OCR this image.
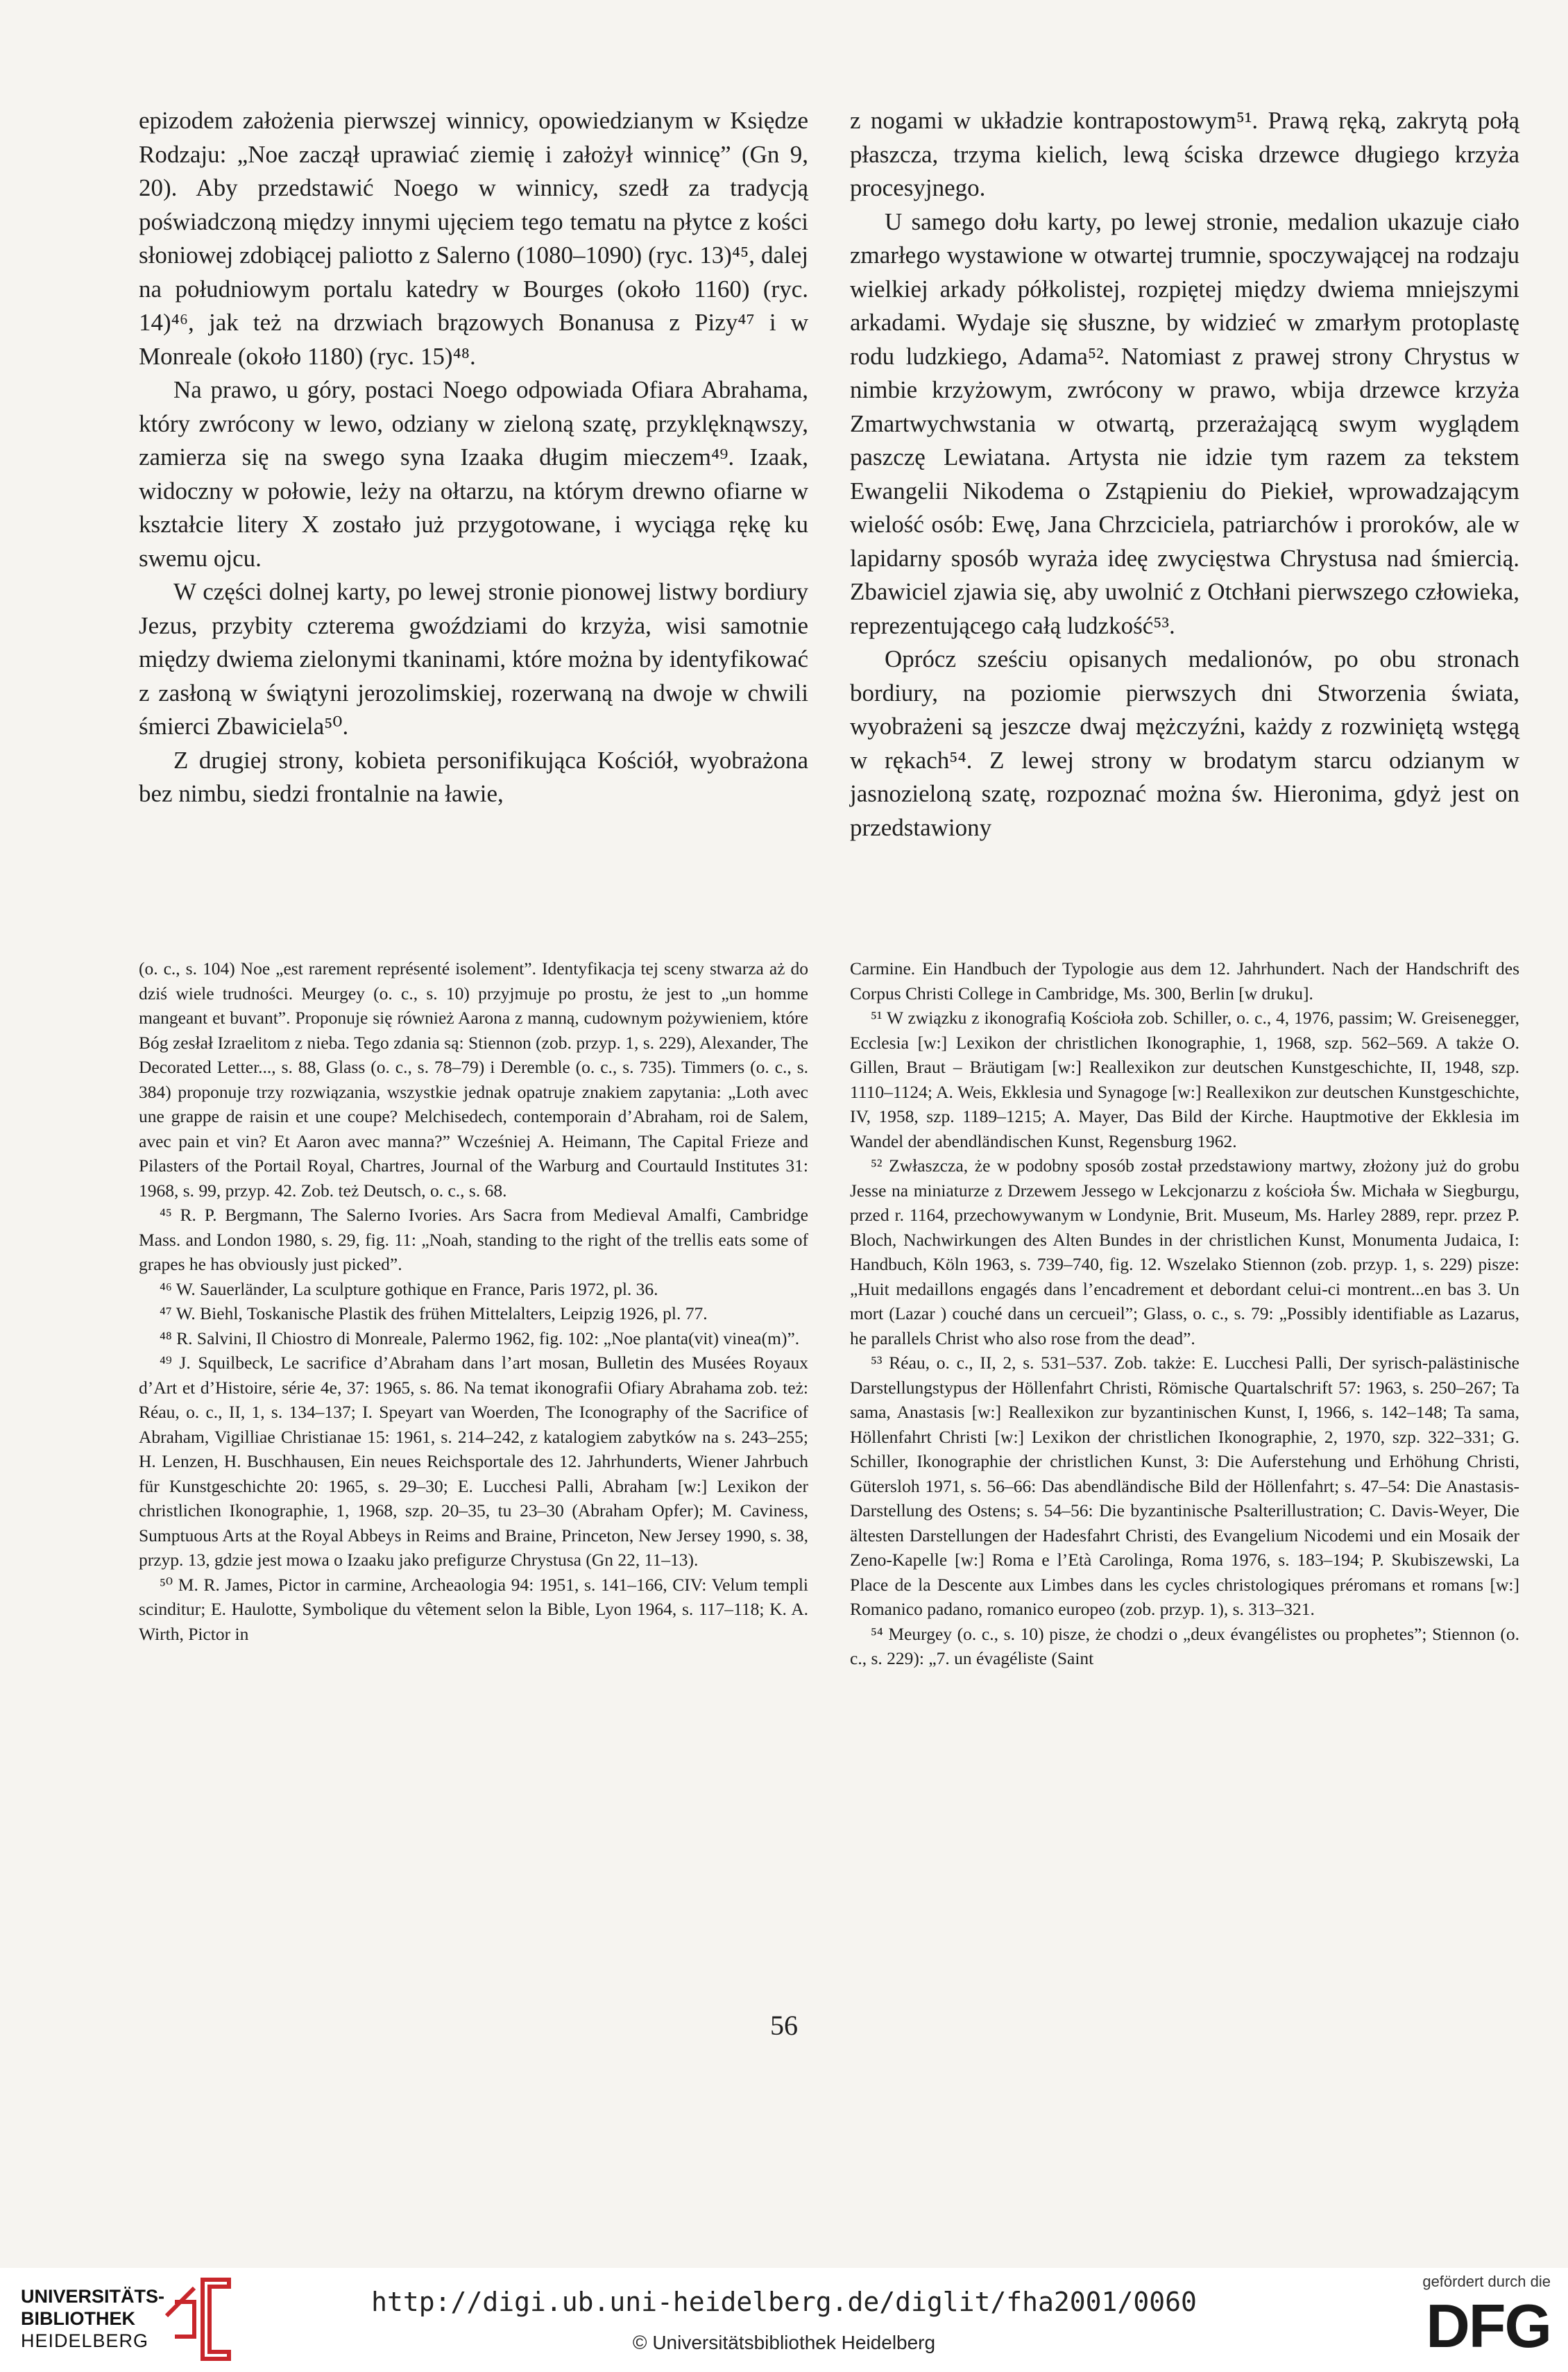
epizodem założenia pierwszej winnicy, opowiedzianym w Księdze Rodzaju: „Noe zaczął uprawiać ziemię i założył winnicę” (Gn 9, 20). Aby przedstawić Noego w winnicy, szedł za tradycją poświadczoną między innymi ujęciem tego tematu na płytce z kości słoniowej zdobiącej paliotto z Salerno (1080–1090) (ryc. 13)⁴⁵, dalej na południowym portalu katedry w Bourges (około 1160) (ryc. 14)⁴⁶, jak też na drzwiach brązowych Bonanusa z Pizy⁴⁷ i w Monreale (około 1180) (ryc. 15)⁴⁸.

Na prawo, u góry, postaci Noego odpowiada Ofiara Abrahama, który zwrócony w lewo, odziany w zieloną szatę, przyklęknąwszy, zamierza się na swego syna Izaaka długim mieczem⁴⁹. Izaak, widoczny w połowie, leży na ołtarzu, na którym drewno ofiarne w kształcie litery X zostało już przygotowane, i wyciąga rękę ku swemu ojcu.

W części dolnej karty, po lewej stronie pionowej listwy bordiury Jezus, przybity czterema gwoździami do krzyża, wisi samotnie między dwiema zielonymi tkaninami, które można by identyfikować z zasłoną w świątyni jerozolimskiej, rozerwaną na dwoje w chwili śmierci Zbawiciela⁵⁰.

Z drugiej strony, kobieta personifikująca Kościół, wyobrażona bez nimbu, siedzi frontalnie na ławie,

z nogami w układzie kontrapostowym⁵¹. Prawą ręką, zakrytą połą płaszcza, trzyma kielich, lewą ściska drzewce długiego krzyża procesyjnego.

U samego dołu karty, po lewej stronie, medalion ukazuje ciało zmarłego wystawione w otwartej trumnie, spoczywającej na rodzaju wielkiej arkady półkolistej, rozpiętej między dwiema mniejszymi arkadami. Wydaje się słuszne, by widzieć w zmarłym protoplastę rodu ludzkiego, Adama⁵². Natomiast z prawej strony Chrystus w nimbie krzyżowym, zwrócony w prawo, wbija drzewce krzyża Zmartwychwstania w otwartą, przerażającą swym wyglądem paszczę Lewiatana. Artysta nie idzie tym razem za tekstem Ewangelii Nikodema o Zstąpieniu do Piekieł, wprowadzającym wielość osób: Ewę, Jana Chrzciciela, patriarchów i proroków, ale w lapidarny sposób wyraża ideę zwycięstwa Chrystusa nad śmiercią. Zbawiciel zjawia się, aby uwolnić z Otchłani pierwszego człowieka, reprezentującego całą ludzkość⁵³.

Oprócz sześciu opisanych medalionów, po obu stronach bordiury, na poziomie pierwszych dni Stworzenia świata, wyobrażeni są jeszcze dwaj mężczyźni, każdy z rozwiniętą wstęgą w rękach⁵⁴. Z lewej strony w brodatym starcu odzianym w jasnozieloną szatę, rozpoznać można św. Hieronima, gdyż jest on przedstawiony

(o. c., s. 104) Noe „est rarement représenté isolement”. Identyfikacja tej sceny stwarza aż do dziś wiele trudności. Meurgey (o. c., s. 10) przyjmuje po prostu, że jest to „un homme mangeant et buvant”. Proponuje się również Aarona z manną, cudownym pożywieniem, które Bóg zesłał Izraelitom z nieba. Tego zdania są: Stiennon (zob. przyp. 1, s. 229), Alexander, The Decorated Letter..., s. 88, Glass (o. c., s. 78–79) i Deremble (o. c., s. 735). Timmers (o. c., s. 384) proponuje trzy rozwiązania, wszystkie jednak opatruje znakiem zapytania: „Loth avec une grappe de raisin et une coupe? Melchisedech, contemporain d’Abraham, roi de Salem, avec pain et vin? Et Aaron avec manna?” Wcześniej A. Heimann, The Capital Frieze and Pilasters of the Portail Royal, Chartres, Journal of the Warburg and Courtauld Institutes 31: 1968, s. 99, przyp. 42. Zob. też Deutsch, o. c., s. 68.

⁴⁵ R. P. Bergmann, The Salerno Ivories. Ars Sacra from Medieval Amalfi, Cambridge Mass. and London 1980, s. 29, fig. 11: „Noah, standing to the right of the trellis eats some of grapes he has obviously just picked”.

⁴⁶ W. Sauerländer, La sculpture gothique en France, Paris 1972, pl. 36.

⁴⁷ W. Biehl, Toskanische Plastik des frühen Mittelalters, Leipzig 1926, pl. 77.

⁴⁸ R. Salvini, Il Chiostro di Monreale, Palermo 1962, fig. 102: „Noe planta(vit) vinea(m)”.

⁴⁹ J. Squilbeck, Le sacrifice d’Abraham dans l’art mosan, Bulletin des Musées Royaux d’Art et d’Histoire, série 4e, 37: 1965, s. 86. Na temat ikonografii Ofiary Abrahama zob. też: Réau, o. c., II, 1, s. 134–137; I. Speyart van Woerden, The Iconography of the Sacrifice of Abraham, Vigilliae Christianae 15: 1961, s. 214–242, z katalogiem zabytków na s. 243–255; H. Lenzen, H. Buschhausen, Ein neues Reichsportale des 12. Jahrhunderts, Wiener Jahrbuch für Kunstgeschichte 20: 1965, s. 29–30; E. Lucchesi Palli, Abraham [w:] Lexikon der christlichen Ikonographie, 1, 1968, szp. 20–35, tu 23–30 (Abraham Opfer); M. Caviness, Sumptuous Arts at the Royal Abbeys in Reims and Braine, Princeton, New Jersey 1990, s. 38, przyp. 13, gdzie jest mowa o Izaaku jako prefigurze Chrystusa (Gn 22, 11–13).

⁵⁰ M. R. James, Pictor in carmine, Archeaologia 94: 1951, s. 141–166, CIV: Velum templi scinditur; E. Haulotte, Symbolique du vêtement selon la Bible, Lyon 1964, s. 117–118; K. A. Wirth, Pictor in

Carmine. Ein Handbuch der Typologie aus dem 12. Jahrhundert. Nach der Handschrift des Corpus Christi College in Cambridge, Ms. 300, Berlin [w druku].

⁵¹ W związku z ikonografią Kościoła zob. Schiller, o. c., 4, 1976, passim; W. Greisenegger, Ecclesia [w:] Lexikon der christlichen Ikonographie, 1, 1968, szp. 562–569. A także O. Gillen, Braut – Bräutigam [w:] Reallexikon zur deutschen Kunstgeschichte, II, 1948, szp. 1110–1124; A. Weis, Ekklesia und Synagoge [w:] Reallexikon zur deutschen Kunstgeschichte, IV, 1958, szp. 1189–1215; A. Mayer, Das Bild der Kirche. Hauptmotive der Ekklesia im Wandel der abendländischen Kunst, Regensburg 1962.

⁵² Zwłaszcza, że w podobny sposób został przedstawiony martwy, złożony już do grobu Jesse na miniaturze z Drzewem Jessego w Lekcjonarzu z kościoła Św. Michała w Siegburgu, przed r. 1164, przechowywanym w Londynie, Brit. Museum, Ms. Harley 2889, repr. przez P. Bloch, Nachwirkungen des Alten Bundes in der christlichen Kunst, Monumenta Judaica, I: Handbuch, Köln 1963, s. 739–740, fig. 12. Wszelako Stiennon (zob. przyp. 1, s. 229) pisze: „Huit medaillons engagés dans l’encadrement et debordant celui-ci montrent...en bas 3. Un mort (Lazar ) couché dans un cercueil”; Glass, o. c., s. 79: „Possibly identifiable as Lazarus, he parallels Christ who also rose from the dead”.

⁵³ Réau, o. c., II, 2, s. 531–537. Zob. także: E. Lucchesi Palli, Der syrisch-palästinische Darstellungstypus der Höllenfahrt Christi, Römische Quartalschrift 57: 1963, s. 250–267; Ta sama, Anastasis [w:] Reallexikon zur byzantinischen Kunst, I, 1966, s. 142–148; Ta sama, Höllenfahrt Christi [w:] Lexikon der christlichen Ikonographie, 2, 1970, szp. 322–331; G. Schiller, Ikonographie der christlichen Kunst, 3: Die Auferstehung und Erhöhung Christi, Gütersloh 1971, s. 56–66: Das abendländische Bild der Höllenfahrt; s. 47–54: Die Anastasis-Darstellung des Ostens; s. 54–56: Die byzantinische Psalterillustration; C. Davis-Weyer, Die ältesten Darstellungen der Hadesfahrt Christi, des Evangelium Nicodemi und ein Mosaik der Zeno-Kapelle [w:] Roma e l’Età Carolinga, Roma 1976, s. 183–194; P. Skubiszewski, La Place de la Descente aux Limbes dans les cycles christologiques préromans et romans [w:] Romanico padano, romanico europeo (zob. przyp. 1), s. 313–321.

⁵⁴ Meurgey (o. c., s. 10) pisze, że chodzi o „deux évangélistes ou prophetes”; Stiennon (o. c., s. 229): „7. un évagéliste (Saint

56
UNIVERSITÄTS-
BIBLIOTHEK
HEIDELBERG
http://digi.ub.uni-heidelberg.de/diglit/fha2001/0060
© Universitätsbibliothek Heidelberg
gefördert durch die
DFG
